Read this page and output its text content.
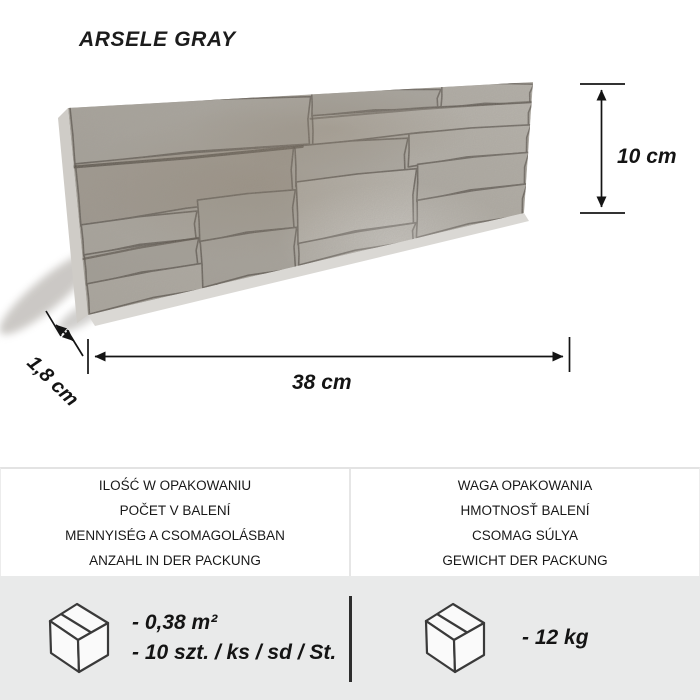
ARSELE GRAY
10 cm
38 cm
1,8 cm
ILOŚĆ W OPAKOWANIU
POČET V BALENÍ
MENNYISÉG A CSOMAGOLÁSBAN
ANZAHL IN DER PACKUNG
WAGA OPAKOWANIA
HMOTNOSŤ BALENÍ
CSOMAG SÚLYA
GEWICHT DER PACKUNG
- 0,38 m²
- 10 szt. / ks / sd / St.
- 12 kg
